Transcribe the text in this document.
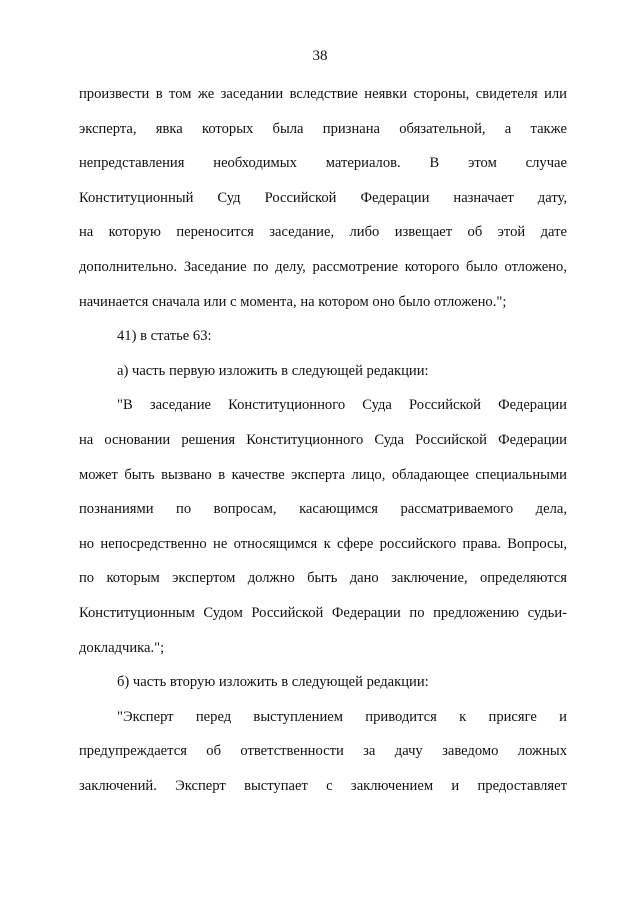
38
произвести в том же заседании вследствие неявки стороны, свидетеля или
эксперта, явка которых была признана обязательной, а также
непредставления необходимых материалов. В этом случае
Конституционный Суд Российской Федерации назначает дату,
на которую переносится заседание, либо извещает об этой дате
дополнительно. Заседание по делу, рассмотрение которого было отложено,
начинается сначала или с момента, на котором оно было отложено.";
41) в статье 63:
а) часть первую изложить в следующей редакции:
"В заседание Конституционного Суда Российской Федерации
на основании решения Конституционного Суда Российской Федерации
может быть вызвано в качестве эксперта лицо, обладающее специальными
познаниями по вопросам, касающимся рассматриваемого дела,
но непосредственно не относящимся к сфере российского права. Вопросы,
по которым экспертом должно быть дано заключение, определяются
Конституционным Судом Российской Федерации по предложению судьи-
докладчика.";
б) часть вторую изложить в следующей редакции:
"Эксперт перед выступлением приводится к присяге и
предупреждается об ответственности за дачу заведомо ложных
заключений. Эксперт выступает с заключением и предоставляет
